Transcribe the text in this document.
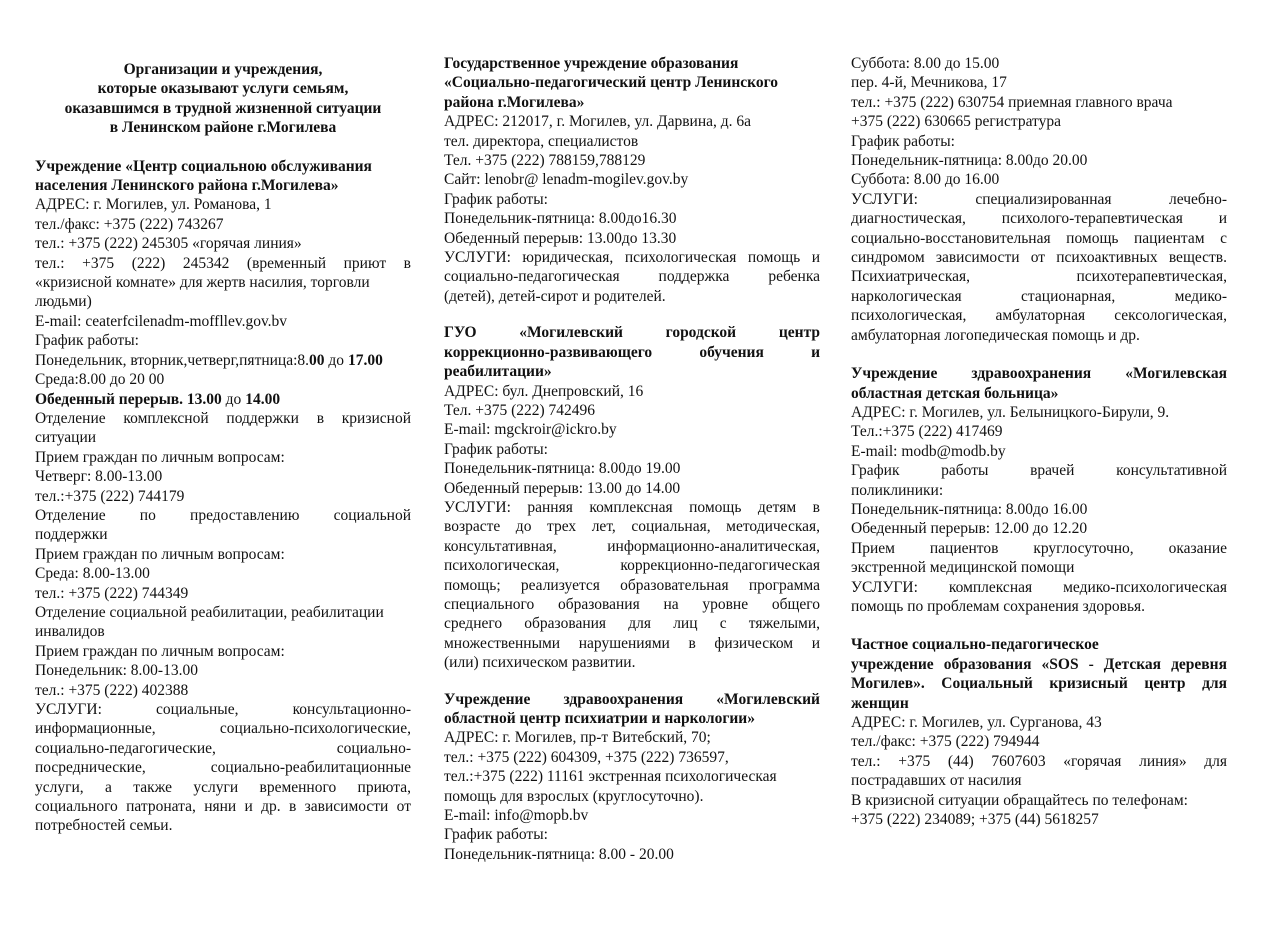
Организации и учреждения,
которые оказывают услуги семьям,
оказавшимся в трудной жизненной ситуации
в Ленинском районе г.Могилева
Учреждение «Центр социальною обслуживания
населения Ленинского района г.Могилева»
АДРЕС: г. Могилев, ул. Романова, 1
тел./факс: +375 (222) 743267
тел.: +375 (222) 245305 «горячая линия»
тел.: +375 (222) 245342 (временный приют в
«кризисной комнате» для жертв насилия, торговли
людьми)
E-mail: ceaterfcilenadm-moffllev.gov.bv
График работы:
Понедельник, вторник,четверг,пятница:8.00 до 17.00
Среда:8.00 до 20 00
Обеденный перерыв. 13.00 до 14.00
Отделение комплексной поддержки в кризисной
ситуации
Прием граждан по личным вопросам:
Четверг: 8.00-13.00
тел.:+375 (222) 744179
Отделение по предоставлению социальной
поддержки
Прием граждан по личным вопросам:
Среда: 8.00-13.00
тел.: +375 (222) 744349
Отделение социальной реабилитации, реабилитации
инвалидов
Прием граждан по личным вопросам:
Понедельник: 8.00-13.00
тел.: +375 (222) 402388
УСЛУГИ: социальные, консультационно-
информационные, социально-психологические,
социально-педагогические, социально-
посреднические, социально-реабилитационные
услуги, а также услуги временного приюта,
социального патроната, няни и др. в зависимости от
потребностей семьи.
Государственное учреждение образования
«Социально-педагогический центр Ленинского
района г.Могилева»
АДРЕС: 212017, г. Могилев, ул. Дарвина, д. 6а
тел. директора, специалистов
Тел. +375 (222) 788159,788129
Сайт: lenobr@ lenadm-mogilev.gov.by
График работы:
Понедельник-пятница: 8.00до16.30
Обеденный перерыв: 13.00до 13.30
УСЛУГИ: юридическая, психологическая помощь и
социально-педагогическая поддержка ребенка
(детей), детей-сирот и родителей.
ГУО «Могилевский городской центр
коррекционно-развивающего обучения и
реабилитации»
АДРЕС: бул. Днепровский, 16
Тел. +375 (222) 742496
E-mail: mgckroir@ickro.by
График работы:
Понедельник-пятница: 8.00до 19.00
Обеденный перерыв: 13.00 до 14.00
УСЛУГИ: ранняя комплексная помощь детям в
возрасте до трех лет, социальная, методическая,
консультативная, информационно-аналитическая,
психологическая, коррекционно-педагогическая
помощь; реализуется образовательная программа
специального образования на уровне общего
среднего образования для лиц с тяжелыми,
множественными нарушениями в физическом и
(или) психическом развитии.
Учреждение здравоохранения «Могилевский
областной центр психиатрии и наркологии»
АДРЕС: г. Могилев, пр-т Витебский, 70;
тел.: +375 (222) 604309, +375 (222) 736597,
тел.:+375 (222) 11161 экстренная психологическая
помощь для взрослых (круглосуточно).
E-mail: info@mopb.bv
График работы:
Понедельник-пятница: 8.00 - 20.00
Суббота: 8.00 до 15.00
пер. 4-й, Мечникова, 17
тел.: +375 (222) 630754 приемная главного врача
+375 (222) 630665 регистратура
График работы:
Понедельник-пятница: 8.00до 20.00
Суббота: 8.00 до 16.00
УСЛУГИ: специализированная лечебно-
диагностическая, психолого-терапевтическая и
социально-восстановительная помощь пациентам с
синдромом зависимости от психоактивных веществ.
Психиатрическая, психотерапевтическая,
наркологическая стационарная, медико-
психологическая, амбулаторная сексологическая,
амбулаторная логопедическая помощь и др.
Учреждение здравоохранения «Могилевская
областная детская больница»
АДРЕС: г. Могилев, ул. Белыницкого-Бирули, 9.
Тел.:+375 (222) 417469
E-mail: modb@modb.by
График работы врачей консультативной
поликлиники:
Понедельник-пятница: 8.00до 16.00
Обеденный перерыв: 12.00 до 12.20
Прием пациентов круглосуточно, оказание
экстренной медицинской помощи
УСЛУГИ: комплексная медико-психологическая
помощь по проблемам сохранения здоровья.
Частное социально-педагогическое
учреждение образования «SOS - Детская деревня
Могилев». Социальный кризисный центр для
женщин
АДРЕС: г. Могилев, ул. Сурганова, 43
тел./факс: +375 (222) 794944
тел.: +375 (44) 7607603 «горячая линия» для
пострадавших от насилия
В кризисной ситуации обращайтесь по телефонам:
+375 (222) 234089; +375 (44) 5618257
